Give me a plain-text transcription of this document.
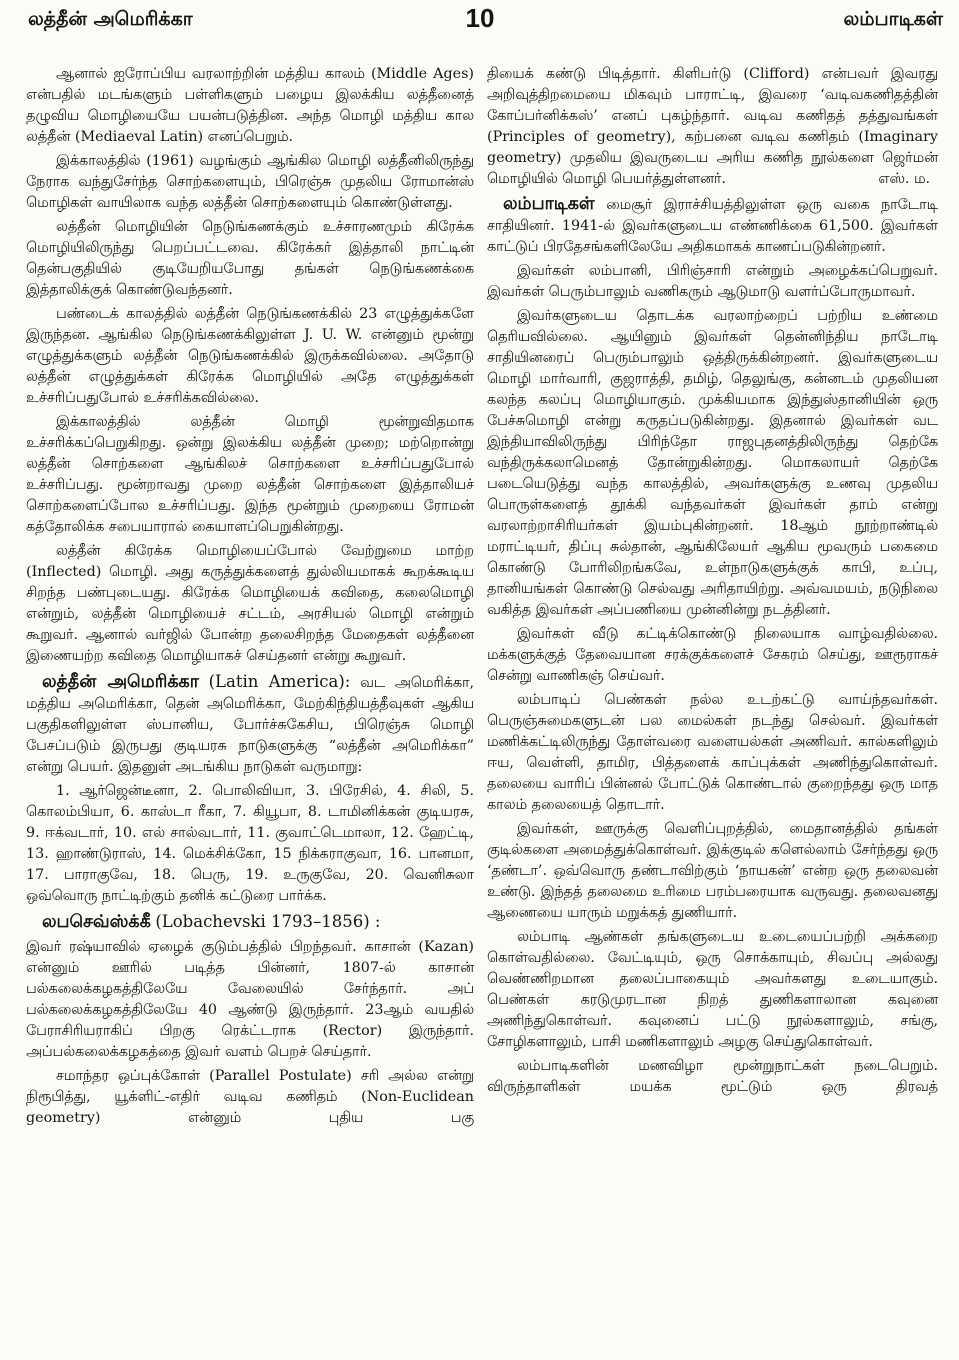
லத்தீன் அமெரிக்கா	10	லம்பாடிகள்

ஆனால் ஐரோப்பிய வரலாற்றின் மத்திய காலம் (Middle Ages) என்பதில் மடங்களும் பள்ளிகளும் பழைய இலக்கிய லத்தீனைத் தழுவிய மொழியையே பயன்படுத்தின. அந்த மொழி மத்திய கால லத்தீன் (Mediaeval Latin) எனப்பெறும்.

இக்காலத்தில் (1961) வழங்கும் ஆங்கில மொழி லத்தீனிலிருந்து நேராக வந்துசேர்ந்த சொற்களையும், பிரெஞ்சு முதலிய ரோமான்ஸ் மொழிகள் வாயிலாக வந்த லத்தீன் சொற்களையும் கொண்டுள்ளது.

லத்தீன் மொழியின் நெடுங்கணக்கும் உச்சாரணமும் கிரேக்க மொழியிலிருந்து பெறப்பட்டவை. கிரேக்கர் இத்தாலி நாட்டின் தென்பகுதியில் குடியேறியபோது தங்கள் நெடுங்கணக்கை இத்தாலிக்குக் கொண்டுவந்தனர்.

பண்டைக் காலத்தில் லத்தீன் நெடுங்கணக்கில் 23 எழுத்துக்களே இருந்தன. ஆங்கில நெடுங்கணக்கிலுள்ள J. U. W. என்னும் மூன்று எழுத்துக்களும் லத்தீன் நெடுங்கணக்கில் இருக்கவில்லை. அதோடு லத்தீன் எழுத்துக்கள் கிரேக்க மொழியில் அதே எழுத்துக்கள் உச்சரிப்பதுபோல் உச்சரிக்கவில்லை.

இக்காலத்தில் லத்தீன் மொழி மூன்றுவிதமாக உச்சரிக்கப்பெறுகிறது. ஒன்று இலக்கிய லத்தீன் முறை; மற்றொன்று லத்தீன் சொற்களை ஆங்கிலச் சொற்களை உச்சரிப்பதுபோல் உச்சரிப்பது. மூன்றாவது முறை லத்தீன் சொற்களை இத்தாலியச் சொற்களைப்போல உச்சரிப்பது. இந்த மூன்றும் முறையை ரோமன் கத்தோலிக்க சபையாரால் கையாளப்பெறுகின்றது.

லத்தீன் கிரேக்க மொழியைப்போல் வேற்றுமை மாற்ற (Inflected) மொழி. அது கருத்துக்களைத் துல்லியமாகக் கூறக்கூடிய சிறந்த பண்புடையது. கிரேக்க மொழியைக் கவிதை, கலைமொழி என்றும், லத்தீன் மொழியைச் சட்டம், அரசியல் மொழி என்றும் கூறுவர். ஆனால் வர்ஜில் போன்ற தலைசிறந்த மேதைகள் லத்தீனை இணையற்ற கவிதை மொழியாகச் செய்தனர் என்று கூறுவர்.

லத்தீன் அமெரிக்கா (Latin America): வட அமெரிக்கா, மத்திய அமெரிக்கா, தென் அமெரிக்கா, மேற்கிந்தியத்தீவுகள் ஆகிய பகுதிகளிலுள்ள ஸ்பானிய, போர்ச்சுகேசிய, பிரெஞ்சு மொழி பேசப்படும் இருபது குடியரசு நாடுகளுக்கு “லத்தீன் அமெரிக்கா” என்று பெயர். இதனுள் அடங்கிய நாடுகள் வருமாறு:

1. ஆர்ஜென்டீனா, 2. பொலிவியா, 3. பிரேசில், 4. சிலி, 5. கொலம்பியா, 6. காஸ்டா ரீகா, 7. கியூபா, 8. டாமினிக்கன் குடியரசு, 9. ஈக்வடார், 10. எல் சால்வடார், 11. குவாட்டெமாலா, 12. ஹேட்டி, 13. ஹாண்டுராஸ், 14. மெக்சிக்கோ, 15 நிக்கராகுவா, 16. பானமா, 17. பாராகுவே, 18. பெரு, 19. உருகுவே, 20. வெனிசுலா ஒவ்வொரு நாட்டிற்கும் தனிக் கட்டுரை பார்க்க.

லபசெவ்ஸ்க்கீ (Lobachevski 1793–1856) :

இவர் ரஷ்யாவில் ஏழைக் குடும்பத்தில் பிறந்தவர். காசான் (Kazan) என்னும் ஊரில் படித்த பின்னர், 1807-ல் காசான் பல்கலைக்கழகத்திலேயே வேலையில் சேர்ந்தார். அப் பல்கலைக்கழகத்திலேயே 40 ஆண்டு இருந்தார். 23ஆம் வயதில் பேராசிரியராகிப் பிறகு ரெக்ட்டராக (Rector) இருந்தார். அப்பல்கலைக்கழகத்தை இவர் வளம் பெறச் செய்தார்.

சமாந்தர ஒப்புக்கோள் (Parallel Postulate) சரி அல்ல என்று நிரூபித்து, யூக்ளிட்-எதிர் வடிவ கணிதம் (Non-Euclidean geometry) என்னும் புதிய பகு

தியைக் கண்டு பிடித்தார். கிளிபர்டு (Clifford) என்பவர் இவரது அறிவுத்திறமையை மிகவும் பாராட்டி, இவரை ‘வடிவகணிதத்தின் கோப்பர்னிக்கஸ்’ எனப் புகழ்ந்தார். வடிவ கணிதத் தத்துவங்கள் (Principles of geometry), கற்பனை வடிவ கணிதம் (Imaginary geometry) முதலிய இவருடைய அரிய கணித நூல்களை ஜெர்மன் மொழியில் மொழி பெயர்த்துள்ளனர்.	எஸ். ம.

லம்பாடிகள் மைசூர் இராச்சியத்திலுள்ள ஒரு வகை நாடோடி சாதியினர். 1941-ல் இவர்களுடைய எண்ணிக்கை 61,500. இவர்கள் காட்டுப் பிரதேசங்களிலேயே அதிகமாகக் காணப்படுகின்றனர்.

இவர்கள் லம்பானி, பிரிஞ்சாரி என்றும் அழைக்கப்பெறுவர். இவர்கள் பெரும்பாலும் வணிகரும் ஆடுமாடு வளர்ப்போருமாவர்.

இவர்களுடைய தொடக்க வரலாற்றைப் பற்றிய உண்மை தெரியவில்லை. ஆயினும் இவர்கள் தென்னிந்திய நாடோடி சாதியினரைப் பெரும்பாலும் ஒத்திருக்கின்றனர். இவர்களுடைய மொழி மார்வாரி, குஜராத்தி, தமிழ், தெலுங்கு, கன்னடம் முதலியன கலந்த கலப்பு மொழியாகும். முக்கியமாக இந்துஸ்தானியின் ஒரு பேச்சுமொழி என்று கருதப்படுகின்றது. இதனால் இவர்கள் வட இந்தியாவிலிருந்து பிரிந்தோ ராஜபுதனத்திலிருந்து தெற்கே வந்திருக்கலாமெனத் தோன்றுகின்றது. மொகலாயர் தெற்கே படையெடுத்து வந்த காலத்தில், அவர்களுக்கு உணவு முதலிய பொருள்களைத் தூக்கி வந்தவர்கள் இவர்கள் தாம் என்று வரலாற்றாசிரியர்கள் இயம்புகின்றனர். 18ஆம் நூற்றாண்டில் மராட்டியர், திப்பு சுல்தான், ஆங்கிலேயர் ஆகிய மூவரும் பகைமை கொண்டு போரிலிறங்கவே, உள்நாடுகளுக்குக் காபி, உப்பு, தானியங்கள் கொண்டு செல்வது அரிதாயிற்று. அவ்வமயம், நடுநிலை வகித்த இவர்கள் அப்பணியை முன்னின்று நடத்தினர்.

இவர்கள் வீடு கட்டிக்கொண்டு நிலையாக வாழ்வதில்லை. மக்களுக்குத் தேவையான சரக்குக்களைச் சேகரம் செய்து, ஊரூராகச் சென்று வாணிகஞ் செய்வர்.

லம்பாடிப் பெண்கள் நல்ல உடற்கட்டு வாய்ந்தவர்கள். பெருஞ்சுமைகளுடன் பல மைல்கள் நடந்து செல்வர். இவர்கள் மணிக்கட்டிலிருந்து தோள்வரை வளையல்கள் அணிவர். கால்களிலும் ஈய, வெள்ளி, தாமிர, பித்தளைக் காப்புக்கள் அணிந்துகொள்வர். தலையை வாரிப் பின்னல் போட்டுக் கொண்டால் குறைந்தது ஒரு மாத காலம் தலையைத் தொடார்.

இவர்கள், ஊருக்கு வெளிப்புறத்தில், மைதானத்தில் தங்கள் குடில்களை அமைத்துக்கொள்வர். இக்குடில் களெல்லாம் சேர்ந்தது ஒரு ‘தண்டா’. ஒவ்வொரு தண்டாவிற்கும் ‘நாயகன்’ என்ற ஒரு தலைவன் உண்டு. இந்தத் தலைமை உரிமை பரம்பரையாக வருவது. தலைவனது ஆணையை யாரும் மறுக்கத் துணியார்.

லம்பாடி ஆண்கள் தங்களுடைய உடையைப்பற்றி அக்கறை கொள்வதில்லை. வேட்டியும், ஒரு சொக்காயும், சிவப்பு அல்லது வெண்ணிறமான தலைப்பாகையும் அவர்களது உடையாகும். பெண்கள் கரடுமுரடான நிறத் துணிகளாலான கவுனை அணிந்துகொள்வர். கவுனைப் பட்டு நூல்களாலும், சங்கு, சோழிகளாலும், பாசி மணிகளாலும் அழகு செய்துகொள்வர்.

லம்பாடிகளின் மணவிழா மூன்றுநாட்கள் நடைபெறும். விருந்தாளிகள் மயக்க மூட்டும் ஒரு திரவத்
